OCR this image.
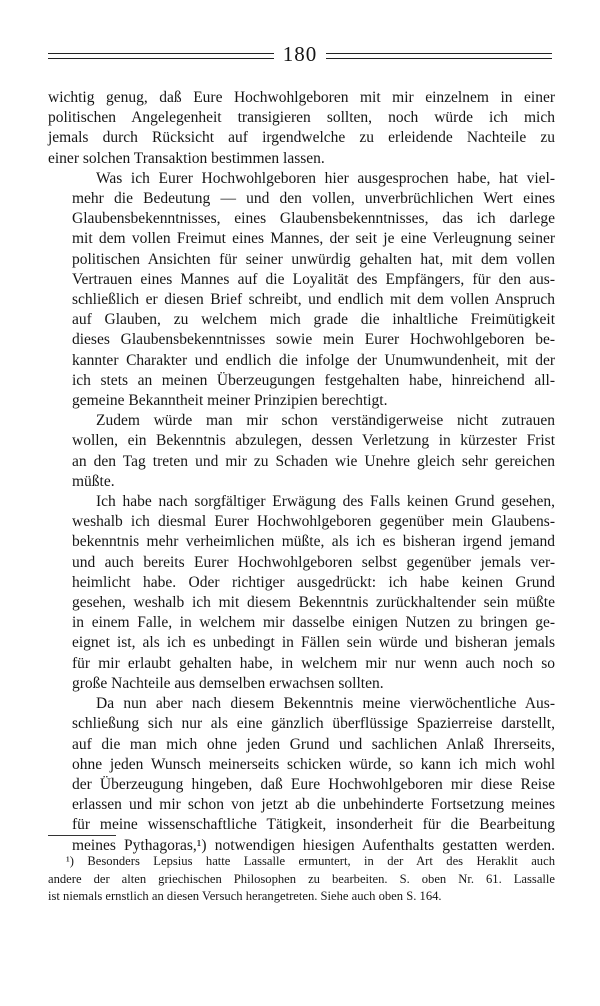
180

wichtig genug, daß Eure Hochwohlgeboren mit mir einzelnem in einer
politischen Angelegenheit transigieren sollten, noch würde ich mich
jemals durch Rücksicht auf irgendwelche zu erleidende Nachteile zu
einer solchen Transaktion bestimmen lassen.

Was ich Eurer Hochwohlgeboren hier ausgesprochen habe, hat viel-
mehr die Bedeutung — und den vollen, unverbrüchlichen Wert eines
Glaubensbekenntnisses, eines Glaubensbekenntnisses, das ich darlege
mit dem vollen Freimut eines Mannes, der seit je eine Verleugnung seiner
politischen Ansichten für seiner unwürdig gehalten hat, mit dem vollen
Vertrauen eines Mannes auf die Loyalität des Empfängers, für den aus-
schließlich er diesen Brief schreibt, und endlich mit dem vollen Anspruch
auf Glauben, zu welchem mich grade die inhaltliche Freimütigkeit
dieses Glaubensbekenntnisses sowie mein Eurer Hochwohlgeboren be-
kannter Charakter und endlich die infolge der Unumwundenheit, mit der
ich stets an meinen Überzeugungen festgehalten habe, hinreichend all-
gemeine Bekanntheit meiner Prinzipien berechtigt.

Zudem würde man mir schon verständigerweise nicht zutrauen
wollen, ein Bekenntnis abzulegen, dessen Verletzung in kürzester Frist
an den Tag treten und mir zu Schaden wie Unehre gleich sehr gereichen
müßte.

Ich habe nach sorgfältiger Erwägung des Falls keinen Grund gesehen,
weshalb ich diesmal Eurer Hochwohlgeboren gegenüber mein Glaubens-
bekenntnis mehr verheimlichen müßte, als ich es bisheran irgend jemand
und auch bereits Eurer Hochwohlgeboren selbst gegenüber jemals ver-
heimlicht habe. Oder richtiger ausgedrückt: ich habe keinen Grund
gesehen, weshalb ich mit diesem Bekenntnis zurückhaltender sein müßte
in einem Falle, in welchem mir dasselbe einigen Nutzen zu bringen ge-
eignet ist, als ich es unbedingt in Fällen sein würde und bisheran jemals
für mir erlaubt gehalten habe, in welchem mir nur wenn auch noch so
große Nachteile aus demselben erwachsen sollten.

Da nun aber nach diesem Bekenntnis meine vierwöchentliche Aus-
schließung sich nur als eine gänzlich überflüssige Spazierreise darstellt,
auf die man mich ohne jeden Grund und sachlichen Anlaß Ihrerseits,
ohne jeden Wunsch meinerseits schicken würde, so kann ich mich wohl
der Überzeugung hingeben, daß Eure Hochwohlgeboren mir diese Reise
erlassen und mir schon von jetzt ab die unbehinderte Fortsetzung meines
für meine wissenschaftliche Tätigkeit, insonderheit für die Bearbeitung
meines Pythagoras,¹) notwendigen hiesigen Aufenthalts gestatten werden.

¹) Besonders Lepsius hatte Lassalle ermuntert, in der Art des Heraklit auch
andere der alten griechischen Philosophen zu bearbeiten. S. oben Nr. 61. Lassalle
ist niemals ernstlich an diesen Versuch herangetreten. Siehe auch oben S. 164.
